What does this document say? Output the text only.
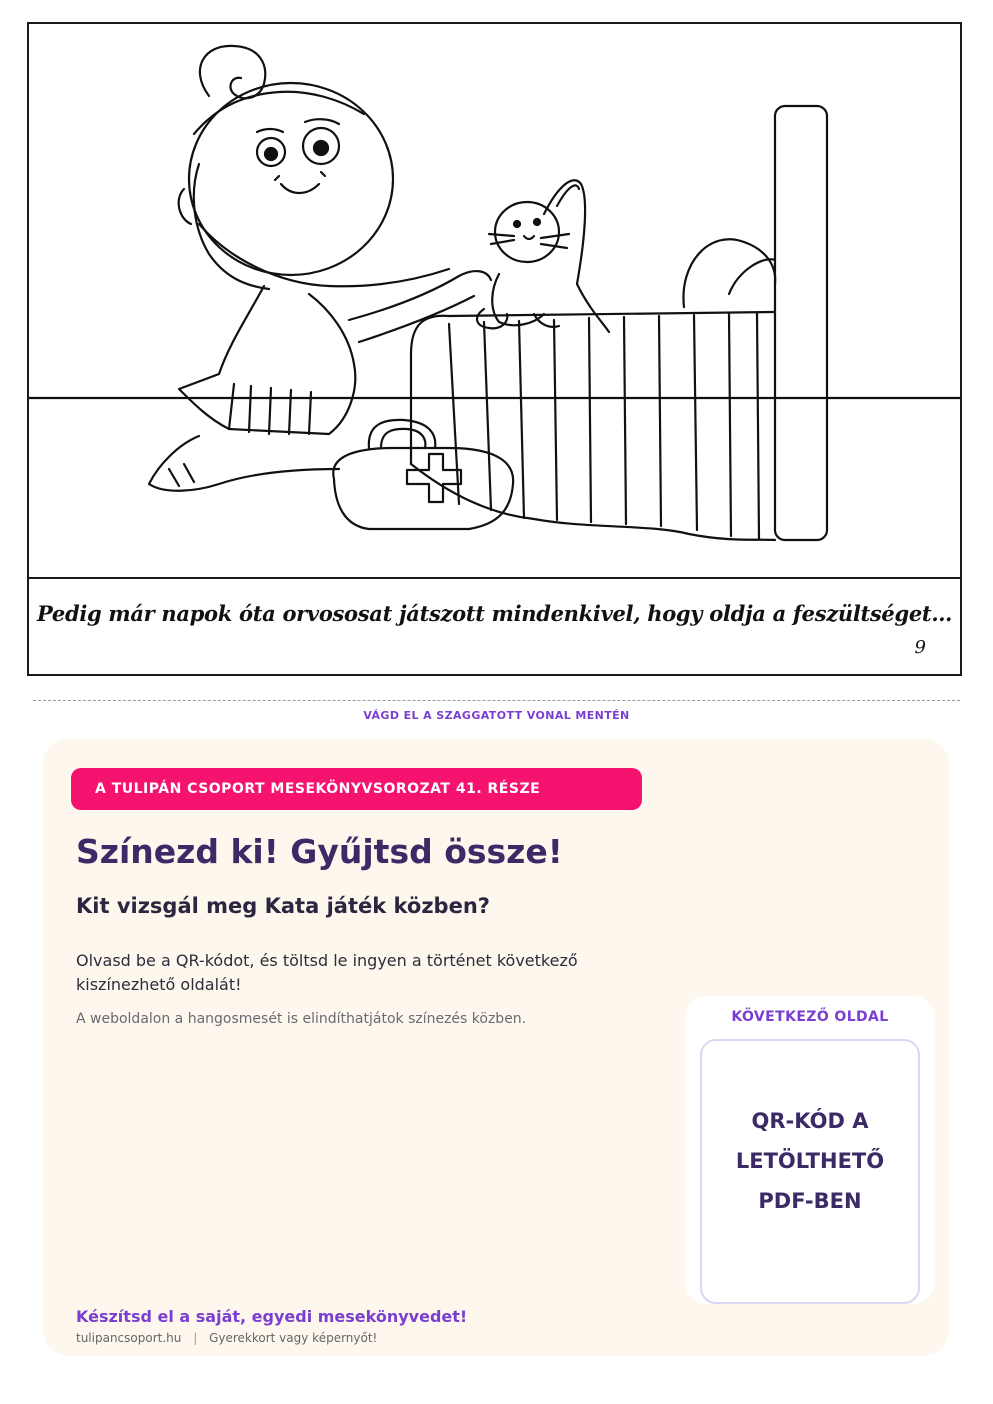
Pedig már napok óta orvososat játszott mindenkivel, hogy oldja a feszültséget…
9
VÁGD EL A SZAGGATOTT VONAL MENTÉN
A TULIPÁN CSOPORT MESEKÖNYVSOROZAT 41. RÉSZE
Színezd ki! Gyűjtsd össze!
Kit vizsgál meg Kata játék közben?
Olvasd be a QR-kódot, és töltsd le ingyen a történet következő kiszínezhető oldalát!
A weboldalon a hangosmesét is elindíthatjátok színezés közben.	KÖVETKEZŐ OLDAL
QR-KÓD A
LETÖLTHETŐ
PDF-BEN
Készítsd el a saját, egyedi mesekönyvedet!
tulipancsoport.hu | Gyerekkort vagy képernyőt!
